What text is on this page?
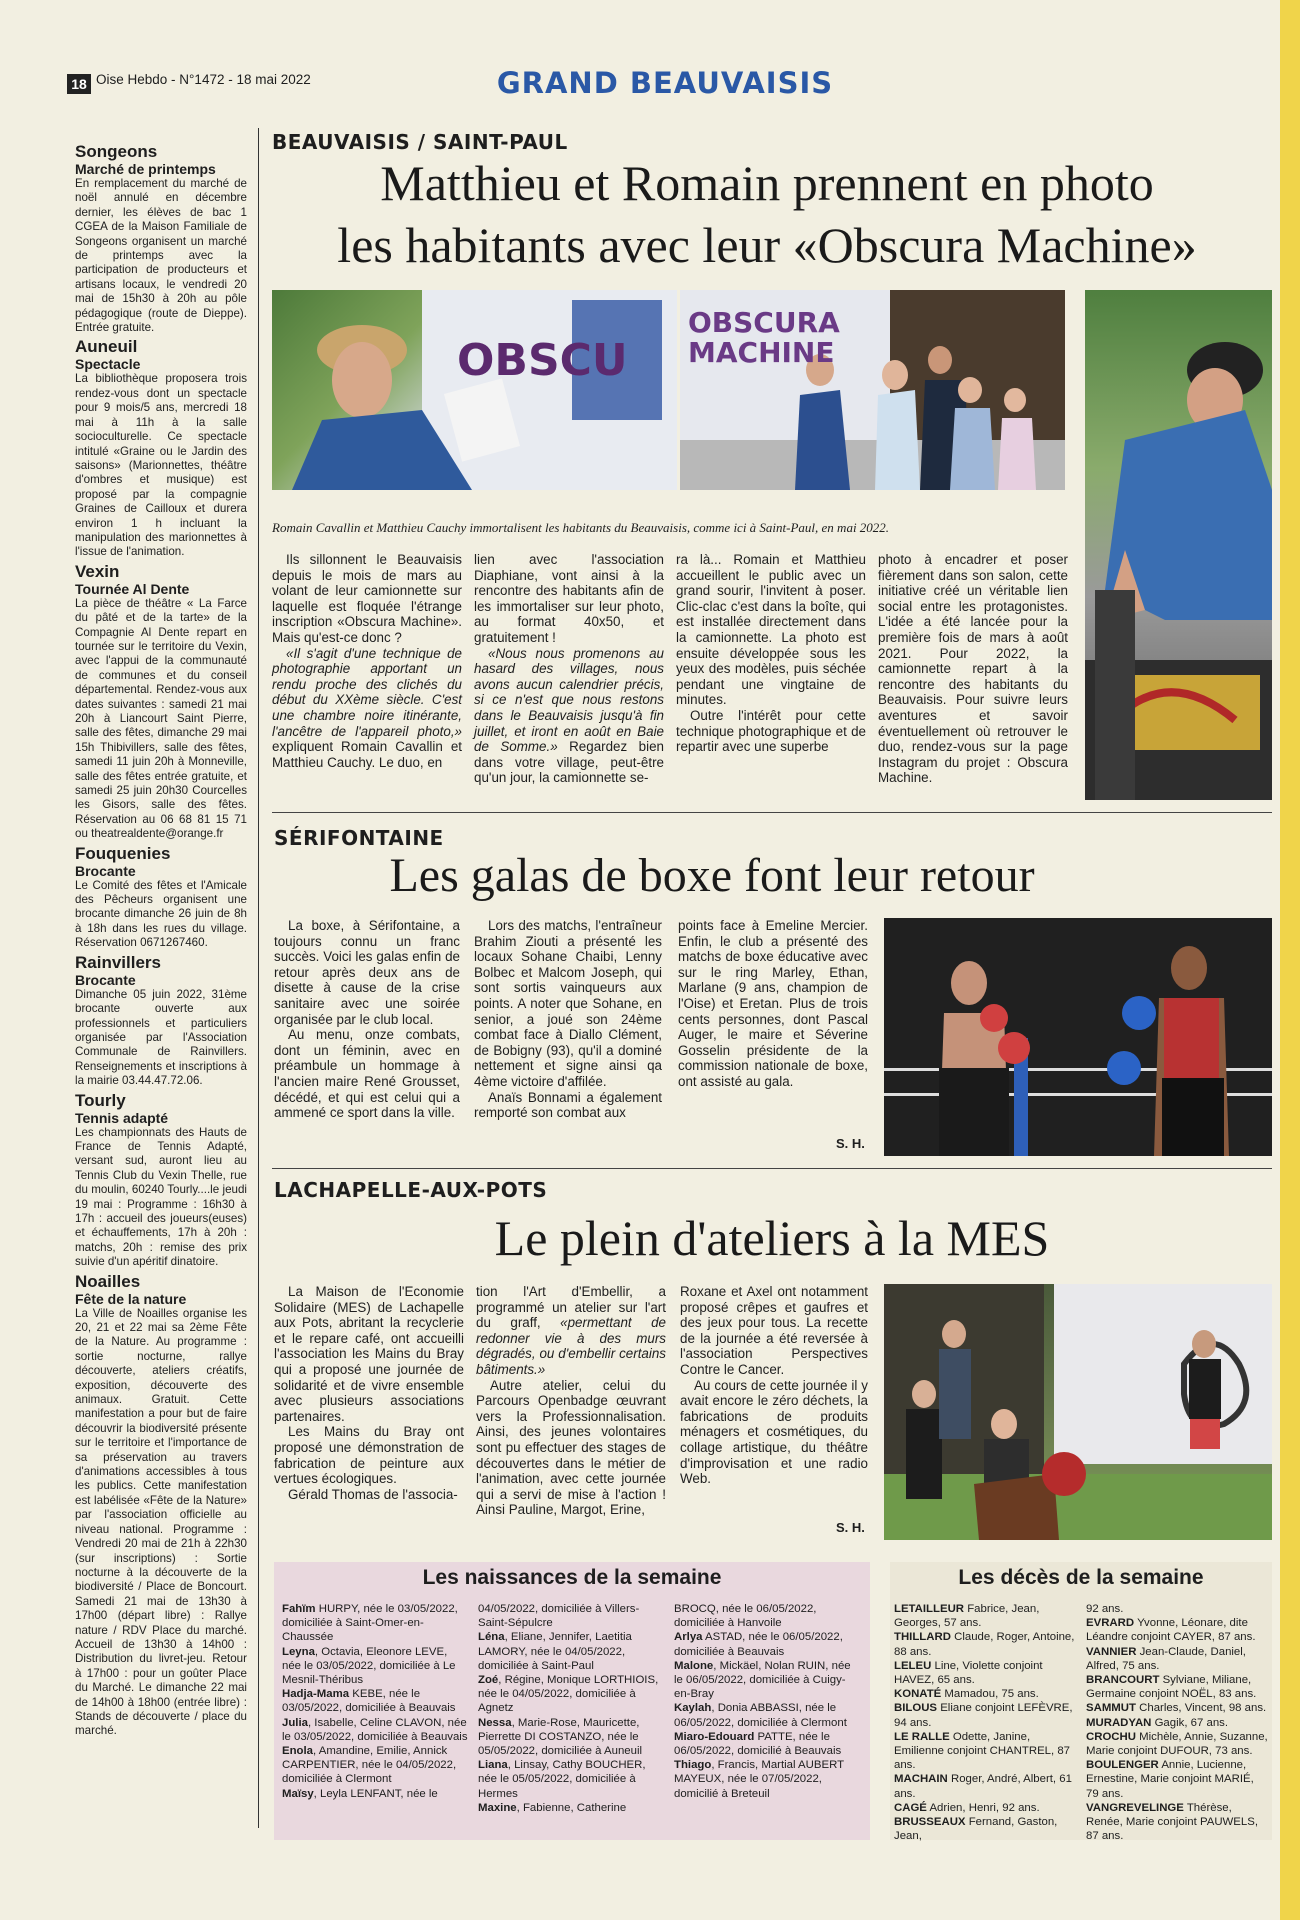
18 Oise Hebdo - N°1472 - 18 mai 2022	GRAND BEAUVAISIS
Songeons
Marché de printemps

En remplacement du marché de noël annulé en décembre dernier, les élèves de bac 1 CGEA de la Maison Familiale de Songeons organisent un marché de printemps avec la participation de producteurs et artisans locaux, le vendredi 20 mai de 15h30 à 20h au pôle pédagogique (route de Dieppe). Entrée gratuite.

Auneuil
Spectacle

La bibliothèque proposera trois rendez-vous dont un spectacle pour 9 mois/5 ans, mercredi 18 mai à 11h à la salle socioculturelle. Ce spectacle intitulé «Graine ou le Jardin des saisons» (Marionnettes, théâtre d'ombres et musique) est proposé par la compagnie Graines de Cailloux et durera environ 1 h incluant la manipulation des marionnettes à l'issue de l'animation.

Vexin
Tournée Al Dente

La pièce de théâtre « La Farce du pâté et de la tarte» de la Compagnie Al Dente repart en tournée sur le territoire du Vexin, avec l'appui de la communauté de communes et du conseil départemental. Rendez-vous aux dates suivantes : samedi 21 mai 20h à Liancourt Saint Pierre, salle des fêtes, dimanche 29 mai 15h Thibivillers, salle des fêtes, samedi 11 juin 20h à Monneville, salle des fêtes entrée gratuite, et samedi 25 juin 20h30 Courcelles les Gisors, salle des fêtes. Réservation au 06 68 81 15 71 ou theatrealdente@orange.fr

Fouquenies
Brocante

Le Comité des fêtes et l'Amicale des Pêcheurs organisent une brocante dimanche 26 juin de 8h à 18h dans les rues du village. Réservation 0671267460.

Rainvillers
Brocante

Dimanche 05 juin 2022, 31ème brocante ouverte aux professionnels et particuliers organisée par l'Association Communale de Rainvillers. Renseignements et inscriptions à la mairie 03.44.47.72.06.

Tourly
Tennis adapté

Les championnats des Hauts de France de Tennis Adapté, versant sud, auront lieu au Tennis Club du Vexin Thelle, rue du moulin, 60240 Tourly....le jeudi 19 mai : Programme : 16h30 à 17h : accueil des joueurs(euses) et échauffements, 17h à 20h : matchs, 20h : remise des prix suivie d'un apéritif dinatoire.

Noailles
Fête de la nature

La Ville de Noailles organise les 20, 21 et 22 mai sa 2ème Fête de la Nature. Au programme : sortie nocturne, rallye découverte, ateliers créatifs, exposition, découverte des animaux. Gratuit. Cette manifestation a pour but de faire découvrir la biodiversité présente sur le territoire et l'importance de sa préservation au travers d'animations accessibles à tous les publics. Cette manifestation est labélisée «Fête de la Nature» par l'association officielle au niveau national. Programme : Vendredi 20 mai de 21h à 22h30 (sur inscriptions) : Sortie nocturne à la découverte de la biodiversité / Place de Boncourt. Samedi 21 mai de 13h30 à 17h00 (départ libre) : Rallye nature / RDV Place du marché. Accueil de 13h30 à 14h00 : Distribution du livret-jeu. Retour à 17h00 : pour un goûter Place du Marché. Le dimanche 22 mai de 14h00 à 18h00 (entrée libre) : Stands de découverte / place du marché.

BEAUVAISIS / SAINT-PAUL
Matthieu et Romain prennent en photo
les habitants avec leur «Obscura Machine»
OBSCU
OBSCURA MACHINE
Romain Cavallin et Matthieu Cauchy immortalisent les habitants du Beauvaisis, comme ici à Saint-Paul, en mai 2022.

Ils sillonnent le Beauvaisis depuis le mois de mars au volant de leur camionnette sur laquelle est floquée l'étrange inscription «Obscura Machine». Mais qu'est-ce donc ?

«Il s'agit d'une technique de photographie apportant un rendu proche des clichés du début du XXème siècle. C'est une chambre noire itinérante, l'ancêtre de l'appareil photo,» expliquent Romain Cavallin et Matthieu Cauchy. Le duo, en

lien avec l'association Diaphiane, vont ainsi à la rencontre des habitants afin de les immortaliser sur leur photo, au format 40x50, et gratuitement !

«Nous nous promenons au hasard des villages, nous avons aucun calendrier précis, si ce n'est que nous restons dans le Beauvaisis jusqu'à fin juillet, et iront en août en Baie de Somme.» Regardez bien dans votre village, peut-être qu'un jour, la camionnette se-

ra là... Romain et Matthieu accueillent le public avec un grand sourir, l'invitent à poser. Clic-clac c'est dans la boîte, qui est installée directement dans la camionnette. La photo est ensuite développée sous les yeux des modèles, puis séchée pendant une vingtaine de minutes.

Outre l'intérêt pour cette technique photographique et de repartir avec une superbe

photo à encadrer et poser fièrement dans son salon, cette initiative créé un véritable lien social entre les protagonistes. L'idée a été lancée pour la première fois de mars à août 2021. Pour 2022, la camionnette repart à la rencontre des habitants du Beauvaisis. Pour suivre leurs aventures et savoir éventuellement où retrouver le duo, rendez-vous sur la page Instagram du projet : Obscura Machine.

SÉRIFONTAINE
Les galas de boxe font leur retour

La boxe, à Sérifontaine, a toujours connu un franc succès. Voici les galas enfin de retour après deux ans de disette à cause de la crise sanitaire avec une soirée organisée par le club local.

Au menu, onze combats, dont un féminin, avec en préambule un hommage à l'ancien maire René Grousset, décédé, et qui est celui qui a ammené ce sport dans la ville.

Lors des matchs, l'entraîneur Brahim Ziouti a présenté les locaux Sohane Chaibi, Lenny Bolbec et Malcom Joseph, qui sont sortis vainqueurs aux points. A noter que Sohane, en senior, a joué son 24ème combat face à Diallo Clément, de Bobigny (93), qu'il a dominé nettement et signe ainsi qa 4ème victoire d'affilée.

Anaïs Bonnami a également remporté son combat aux

points face à Emeline Mercier. Enfin, le club a présenté des matchs de boxe éducative avec sur le ring Marley, Ethan, Marlane (9 ans, champion de l'Oise) et Eretan. Plus de trois cents personnes, dont Pascal Auger, le maire et Séverine Gosselin présidente de la commission nationale de boxe, ont assisté au gala.

S. H.
LACHAPELLE-AUX-POTS
Le plein d'ateliers à la MES

La Maison de l'Economie Solidaire (MES) de Lachapelle aux Pots, abritant la recyclerie et le repare café, ont accueilli l'association les Mains du Bray qui a proposé une journée de solidarité et de vivre ensemble avec plusieurs associations partenaires.

Les Mains du Bray ont proposé une démonstration de fabrication de peinture aux vertues écologiques.

Gérald Thomas de l'associa-

tion l'Art d'Embellir, a programmé un atelier sur l'art du graff, «permettant de redonner vie à des murs dégradés, ou d'embellir certains bâtiments.»

Autre atelier, celui du Parcours Openbadge œuvrant vers la Professionnalisation. Ainsi, des jeunes volontaires sont pu effectuer des stages de découvertes dans le métier de l'animation, avec cette journée qui a servi de mise à l'action ! Ainsi Pauline, Margot, Erine,

Roxane et Axel ont notamment proposé crêpes et gaufres et des jeux pour tous. La recette de la journée a été reversée à l'association Perspectives Contre le Cancer.

Au cours de cette journée il y avait encore le zéro déchets, la fabrications de produits ménagers et cosmétiques, du collage artistique, du théâtre d'improvisation et une radio Web.

S. H.
Les naissances de la semaine
Fahïm HURPY, née le 03/05/2022, domiciliée à Saint-Omer-en-Chaussée
Leyna, Octavia, Eleonore LEVE, née le 03/05/2022, domiciliée à Le Mesnil-Théribus
Hadja-Mama KEBE, née le 03/05/2022, domiciliée à Beauvais
Julia, Isabelle, Celine CLAVON, née le 03/05/2022, domiciliée à Beauvais
Enola, Amandine, Emilie, Annick CARPENTIER, née le 04/05/2022, domiciliée à Clermont
Maïsy, Leyla LENFANT, née le
04/05/2022, domiciliée à Villers-Saint-Sépulcre
Léna, Eliane, Jennifer, Laetitia LAMORY, née le 04/05/2022, domiciliée à Saint-Paul
Zoé, Régine, Monique LORTHIOIS, née le 04/05/2022, domiciliée à Agnetz
Nessa, Marie-Rose, Mauricette, Pierrette DI COSTANZO, née le 05/05/2022, domiciliée à Auneuil
Liana, Linsay, Cathy BOUCHER, née le 05/05/2022, domiciliée à Hermes
Maxine, Fabienne, Catherine
BROCQ, née le 06/05/2022, domiciliée à Hanvoile
Arlya ASTAD, née le 06/05/2022, domiciliée à Beauvais
Malone, Mickäel, Nolan RUIN, née le 06/05/2022, domiciliée à Cuigy-en-Bray
Kaylah, Donia ABBASSI, née le 06/05/2022, domiciliée à Clermont
Miaro-Edouard PATTE, née le 06/05/2022, domicilié à Beauvais
Thiago, Francis, Martial AUBERT MAYEUX, née le 07/05/2022, domicilié à Breteuil
Les décès de la semaine
LETAILLEUR Fabrice, Jean, Georges, 57 ans.
THILLARD Claude, Roger, Antoine, 88 ans.
LELEU Line, Violette conjoint HAVEZ, 65 ans.
KONATÉ Mamadou, 75 ans.
BILOUS Eliane conjoint LEFÈVRE, 94 ans.
LE RALLE Odette, Janine, Emilienne conjoint CHANTREL, 87 ans.
MACHAIN Roger, André, Albert, 61 ans.
CAGÉ Adrien, Henri, 92 ans.
BRUSSEAUX Fernand, Gaston, Jean,
92 ans.
EVRARD Yvonne, Léonare, dite Léandre conjoint CAYER, 87 ans.
VANNIER Jean-Claude, Daniel, Alfred, 75 ans.
BRANCOURT Sylviane, Miliane, Germaine conjoint NOËL, 83 ans.
SAMMUT Charles, Vincent, 98 ans.
MURADYAN Gagik, 67 ans.
CROCHU Michèle, Annie, Suzanne, Marie conjoint DUFOUR, 73 ans.
BOULENGER Annie, Lucienne, Ernestine, Marie conjoint MARIÉ, 79 ans.
VANGREVELINGE Thérèse, Renée, Marie conjoint PAUWELS, 87 ans.
